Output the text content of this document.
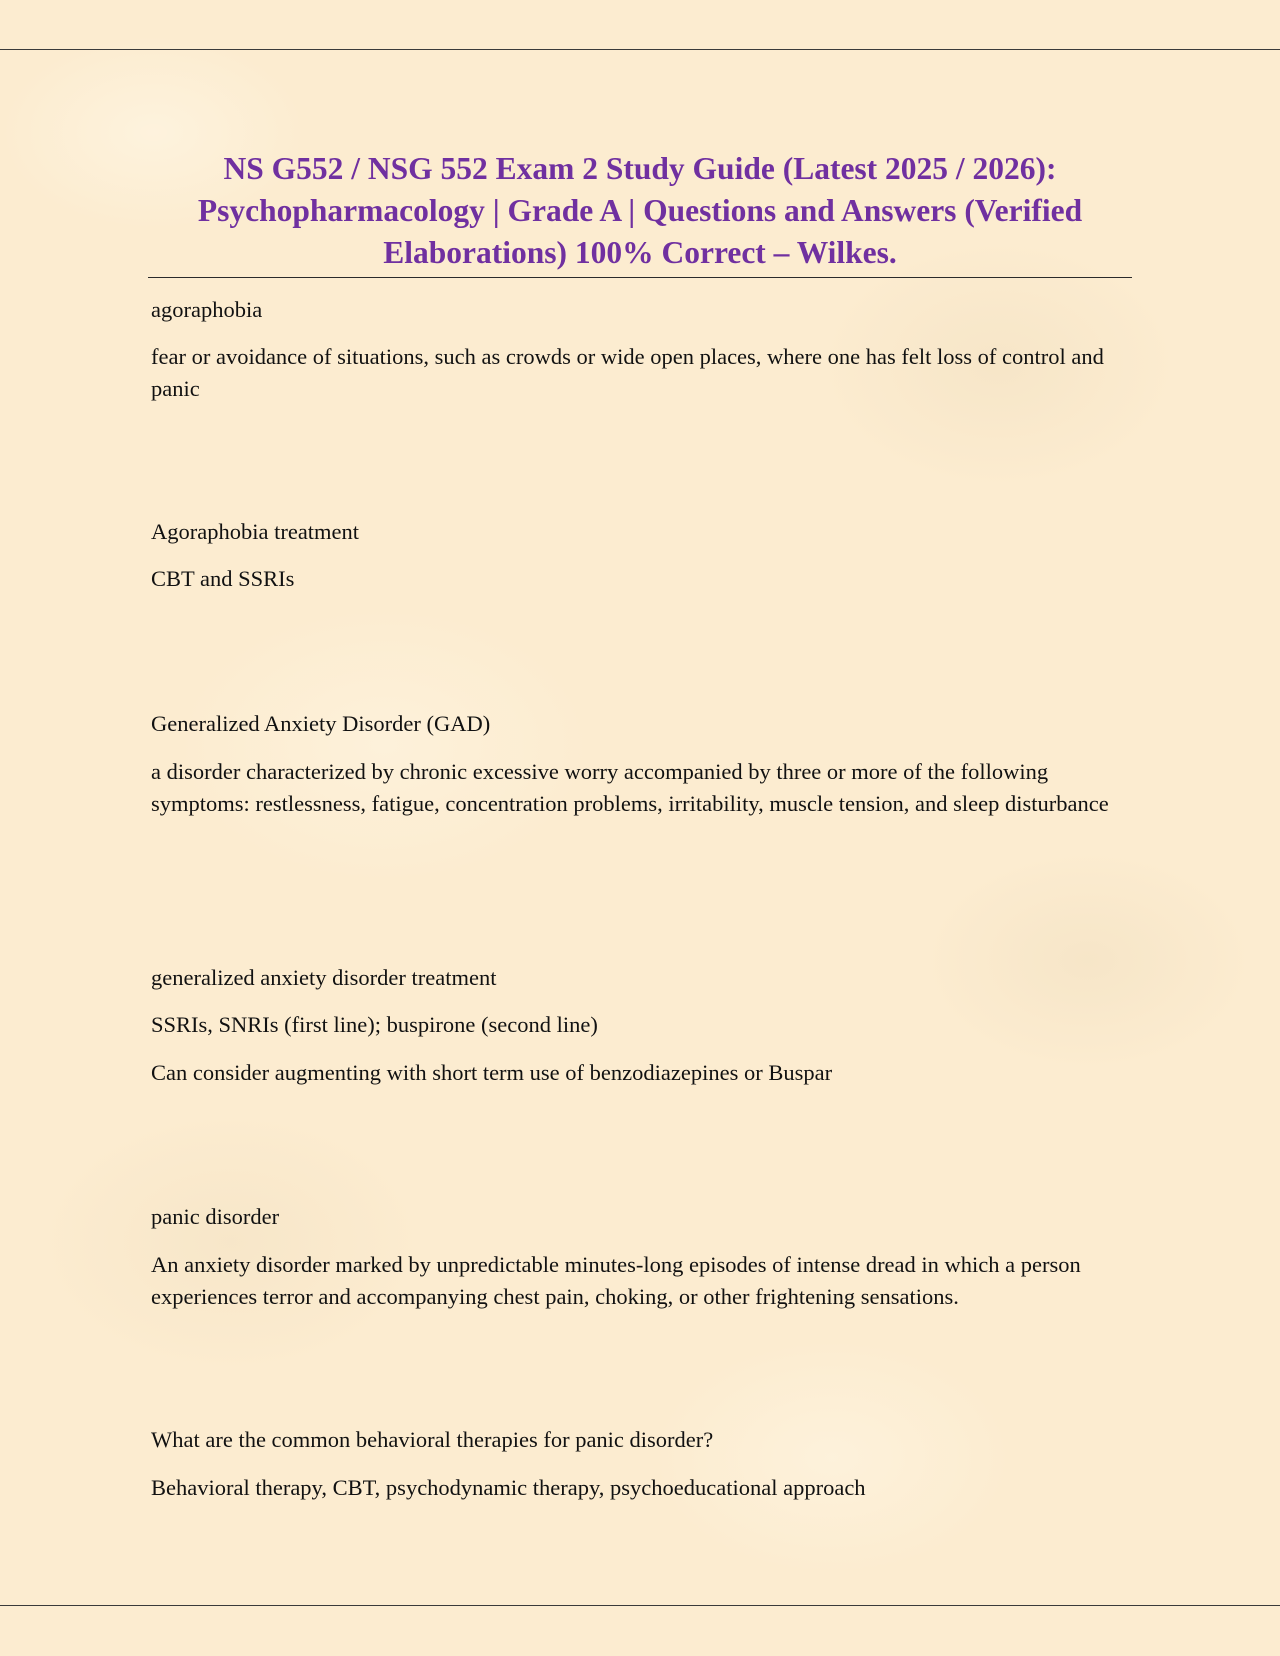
NS G552 / NSG 552 Exam 2 Study Guide (Latest 2025 / 2026): Psychopharmacology | Grade A | Questions and Answers (Verified Elaborations) 100% Correct – Wilkes.

agoraphobia

fear or avoidance of situations, such as crowds or wide open places, where one has felt loss of control and panic

Agoraphobia treatment

CBT and SSRIs

Generalized Anxiety Disorder (GAD)

a disorder characterized by chronic excessive worry accompanied by three or more of the following symptoms: restlessness, fatigue, concentration problems, irritability, muscle tension, and sleep disturbance

generalized anxiety disorder treatment

SSRIs, SNRIs (first line); buspirone (second line)

Can consider augmenting with short term use of benzodiazepines or Buspar

panic disorder

An anxiety disorder marked by unpredictable minutes-long episodes of intense dread in which a person experiences terror and accompanying chest pain, choking, or other frightening sensations.

What are the common behavioral therapies for panic disorder?

Behavioral therapy, CBT, psychodynamic therapy, psychoeducational approach
